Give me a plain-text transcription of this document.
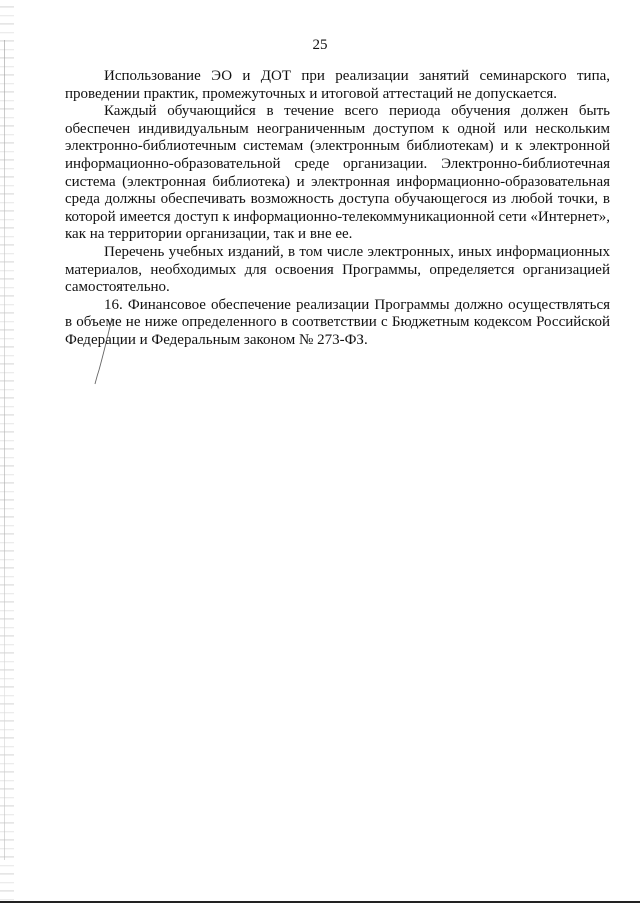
25

Использование ЭО и ДОТ при реализации занятий семинарского типа, проведении практик, промежуточных и итоговой аттестаций не допускается.

Каждый обучающийся в течение всего периода обучения должен быть обеспечен индивидуальным неограниченным доступом к одной или нескольким электронно-библиотечным системам (электронным библиотекам) и к электронной информационно-образовательной среде организации. Электронно-библиотечная система (электронная библиотека) и электронная информационно-образовательная среда должны обеспечивать возможность доступа обучающегося из любой точки, в которой имеется доступ к информационно-телекоммуникационной сети «Интернет», как на территории организации, так и вне ее.

Перечень учебных изданий, в том числе электронных, иных информационных материалов, необходимых для освоения Программы, определяется организацией самостоятельно.

16. Финансовое обеспечение реализации Программы должно осуществляться в объеме не ниже определенного в соответствии с Бюджетным кодексом Российской Федерации и Федеральным законом № 273-ФЗ.
